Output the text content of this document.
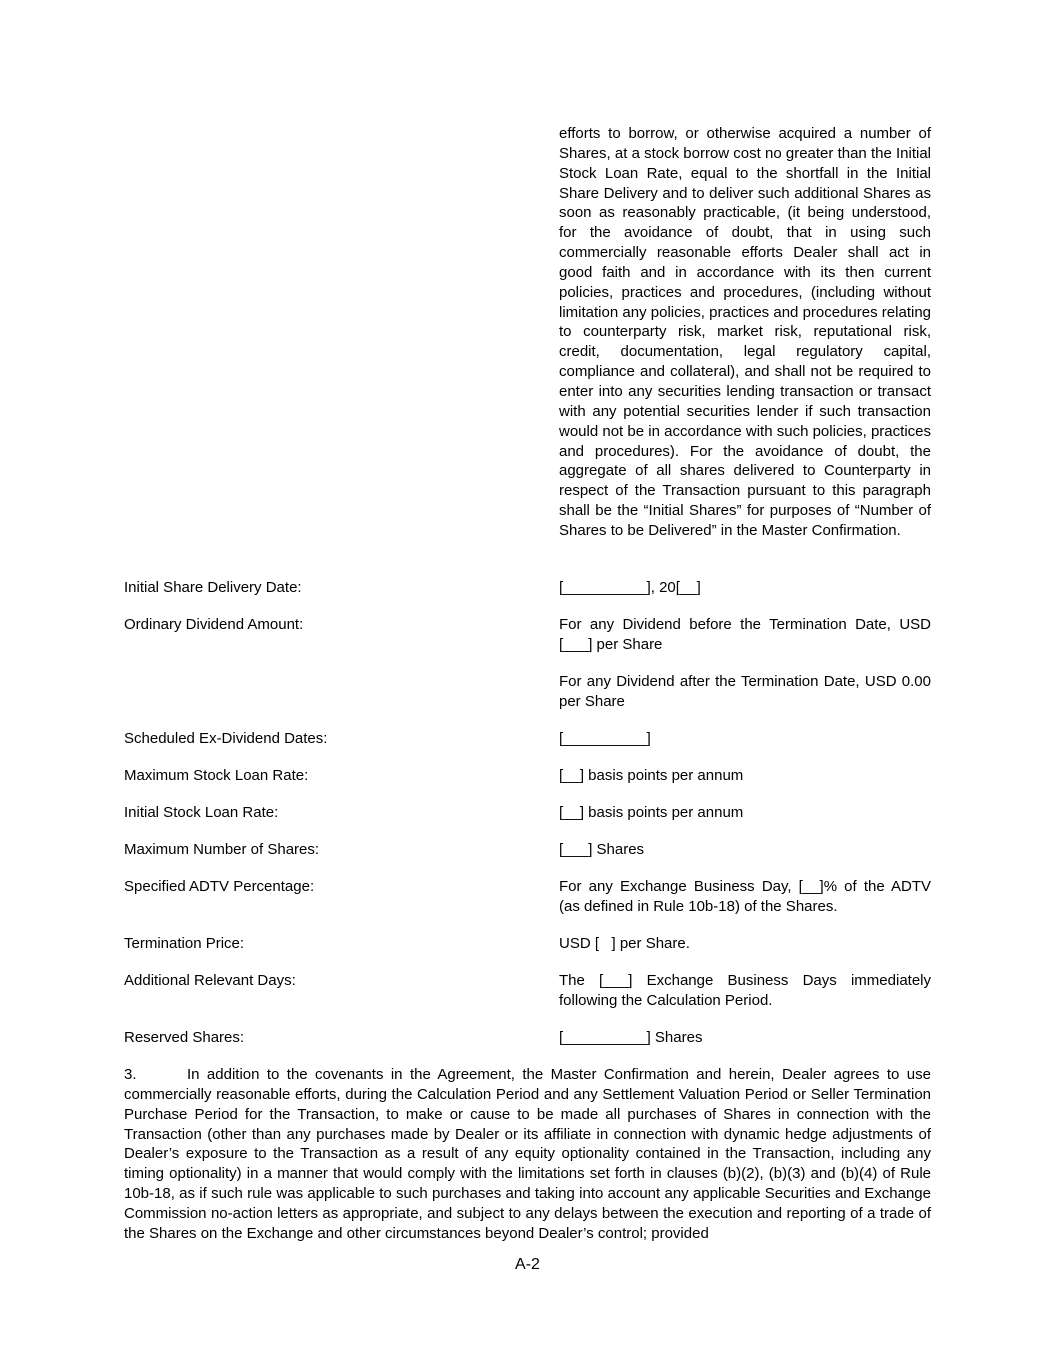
efforts to borrow, or otherwise acquired a number of Shares, at a stock borrow cost no greater than the Initial Stock Loan Rate, equal to the shortfall in the Initial Share Delivery and to deliver such additional Shares as soon as reasonably practicable, (it being understood, for the avoidance of doubt, that in using such commercially reasonable efforts Dealer shall act in good faith and in accordance with its then current policies, practices and procedures, (including without limitation any policies, practices and procedures relating to counterparty risk, market risk, reputational risk, credit, documentation, legal regulatory capital, compliance and collateral), and shall not be required to enter into any securities lending transaction or transact with any potential securities lender if such transaction would not be in accordance with such policies, practices and procedures). For the avoidance of doubt, the aggregate of all shares delivered to Counterparty in respect of the Transaction pursuant to this paragraph shall be the “Initial Shares” for purposes of “Number of Shares to be Delivered” in the Master Confirmation.
Initial Share Delivery Date:	[__________], 20[__]

Ordinary Dividend Amount:	For any Dividend before the Termination Date, USD [___] per Share

For any Dividend after the Termination Date, USD 0.00 per Share

Scheduled Ex-Dividend Dates:	[__________]

Maximum Stock Loan Rate:	[__] basis points per annum

Initial Stock Loan Rate:	[__] basis points per annum

Maximum Number of Shares:	[___] Shares

Specified ADTV Percentage:	For any Exchange Business Day, [__]% of the ADTV (as defined in Rule 10b-18) of the Shares.

Termination Price:	USD [   ] per Share.

Additional Relevant Days:	The [___] Exchange Business Days immediately following the Calculation Period.

Reserved Shares:	[__________] Shares

3.	In addition to the covenants in the Agreement, the Master Confirmation and herein, Dealer agrees to use commercially reasonable efforts, during the Calculation Period and any Settlement Valuation Period or Seller Termination Purchase Period for the Transaction, to make or cause to be made all purchases of Shares in connection with the Transaction (other than any purchases made by Dealer or its affiliate in connection with dynamic hedge adjustments of Dealer’s exposure to the Transaction as a result of any equity optionality contained in the Transaction, including any timing optionality) in a manner that would comply with the limitations set forth in clauses (b)(2), (b)(3) and (b)(4) of Rule 10b-18, as if such rule was applicable to such purchases and taking into account any applicable Securities and Exchange Commission no-action letters as appropriate, and subject to any delays between the execution and reporting of a trade of the Shares on the Exchange and other circumstances beyond Dealer’s control; provided
A-2
